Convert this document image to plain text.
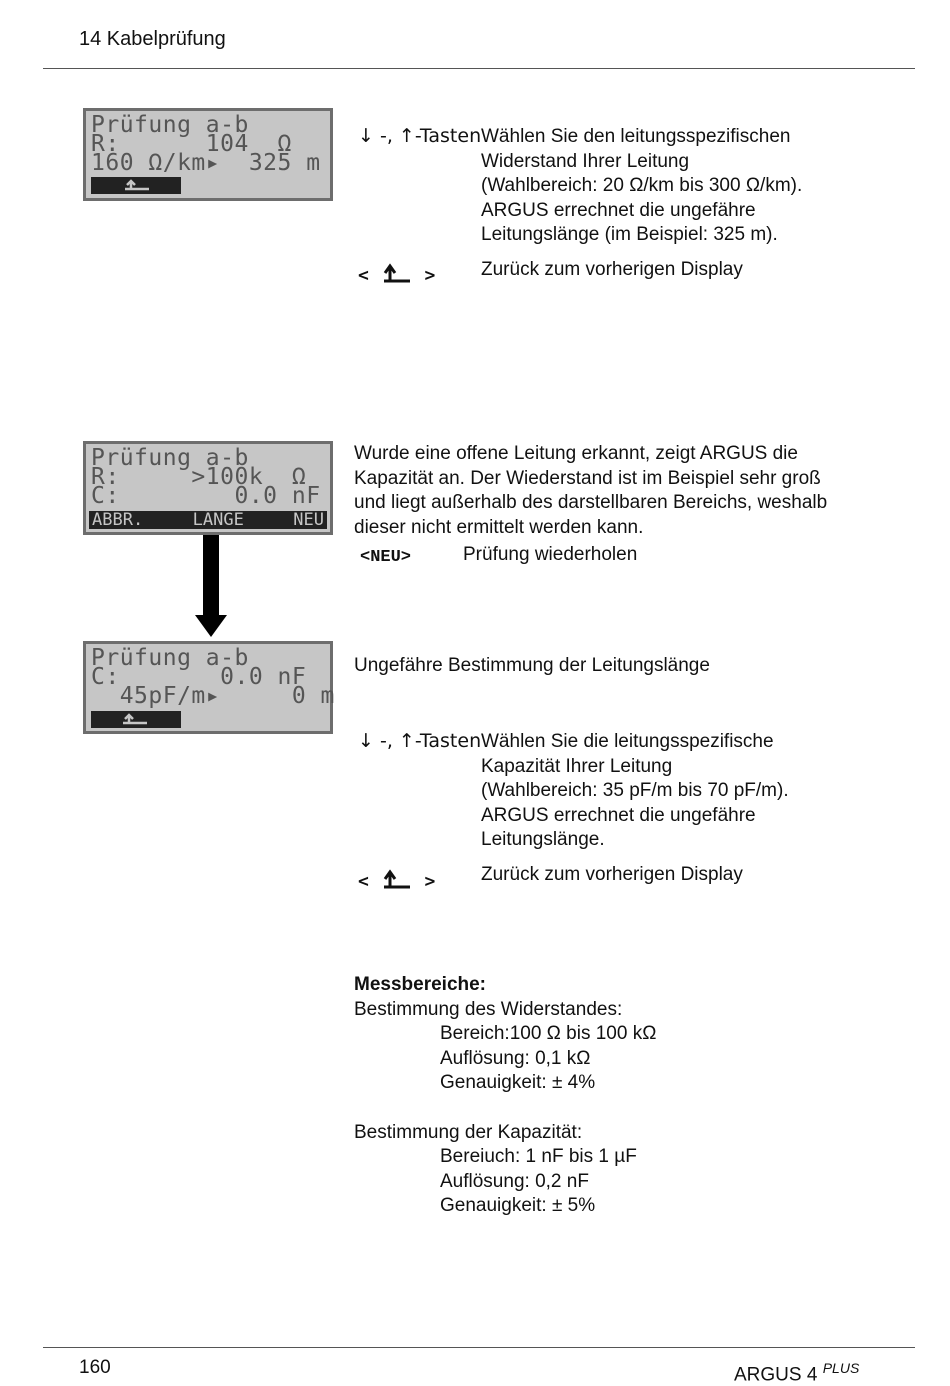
14 Kabelprüfung
Prüfung a-b
R:      104  Ω
160 Ω/km▸  325 m
↓ -, ↑-Tasten Wählen Sie den leitungsspezifischen
Widerstand Ihrer Leitung
(Wahlbereich: 20 Ω/km bis 300 Ω/km).
ARGUS errechnet die ungefähre
Leitungslänge (im Beispiel: 325 m).
<  > Zurück zum vorherigen Display
Prüfung a-b
R:     >100k  Ω
C:        0.0 nF
ABBR.	LÄNGE	NEU
Wurde eine offene Leitung erkannt, zeigt ARGUS die
Kapazität an. Der Wiederstand ist im Beispiel sehr groß
und liegt außerhalb des darstellbaren Bereichs, weshalb
dieser nicht ermittelt werden kann.
<NEU>	Prüfung wiederholen
Prüfung a-b
C:       0.0 nF
45pF/m▸     0 m
Ungefähre Bestimmung der Leitungslänge
↓ -, ↑-Tasten Wählen Sie die leitungsspezifische
Kapazität Ihrer Leitung
(Wahlbereich: 35 pF/m bis 70 pF/m).
ARGUS errechnet die ungefähre
Leitungslänge.
<  > Zurück zum vorherigen Display
Messbereiche:
Bestimmung des Widerstandes:
Bereich:100 Ω bis 100 kΩ
Auflösung: 0,1 kΩ
Genauigkeit: ± 4%

Bestimmung der Kapazität:
Bereiuch: 1 nF bis 1 µF
Auflösung: 0,2 nF
Genauigkeit: ± 5%
160	ARGUS 4 $^{PLUS}$
